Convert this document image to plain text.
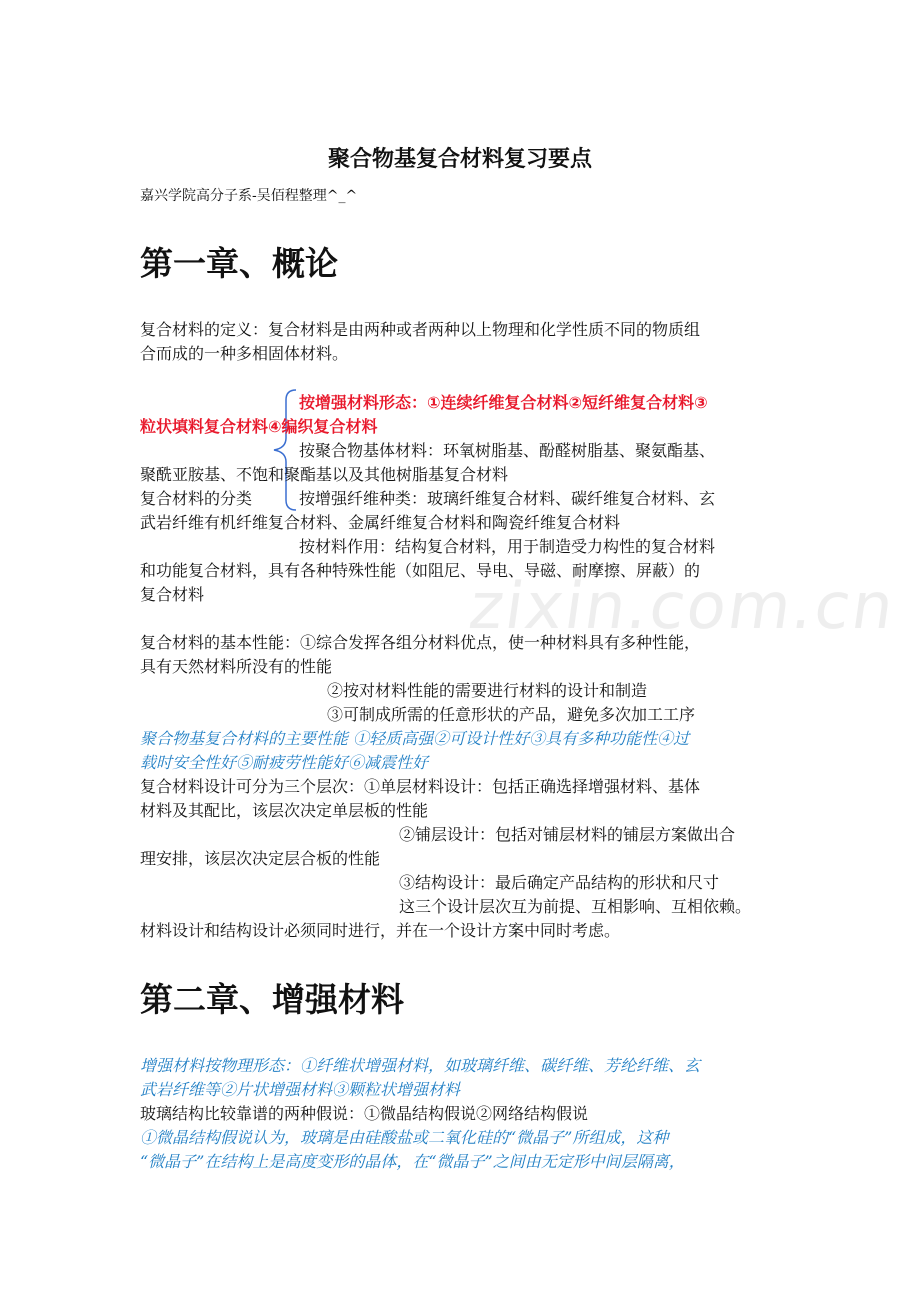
zixin.com.cn
聚合物基复合材料复习要点
嘉兴学院高分子系-吴佰程整理^_^
第一章、概论
复合材料的定义：复合材料是由两种或者两种以上物理和化学性质不同的物质组
合而成的一种多相固体材料。
按增强材料形态：①连续纤维复合材料②短纤维复合材料③
粒状填料复合材料④编织复合材料
按聚合物基体材料：环氧树脂基、酚醛树脂基、聚氨酯基、
聚酰亚胺基、不饱和聚酯基以及其他树脂基复合材料
复合材料的分类	按增强纤维种类：玻璃纤维复合材料、碳纤维复合材料、玄
武岩纤维有机纤维复合材料、金属纤维复合材料和陶瓷纤维复合材料
按材料作用：结构复合材料，用于制造受力构性的复合材料
和功能复合材料，具有各种特殊性能（如阻尼、导电、导磁、耐摩擦、屏蔽）的
复合材料
复合材料的基本性能：①综合发挥各组分材料优点，使一种材料具有多种性能，
具有天然材料所没有的性能
②按对材料性能的需要进行材料的设计和制造
③可制成所需的任意形状的产品，避免多次加工工序
聚合物基复合材料的主要性能 ①轻质高强②可设计性好③具有多种功能性④过
载时安全性好⑤耐疲劳性能好⑥减震性好
复合材料设计可分为三个层次：①单层材料设计：包括正确选择增强材料、基体
材料及其配比，该层次决定单层板的性能
②铺层设计：包括对铺层材料的铺层方案做出合
理安排，该层次决定层合板的性能
③结构设计：最后确定产品结构的形状和尺寸
这三个设计层次互为前提、互相影响、互相依赖。
材料设计和结构设计必须同时进行，并在一个设计方案中同时考虑。
第二章、增强材料
增强材料按物理形态：①纤维状增强材料，如玻璃纤维、碳纤维、芳纶纤维、玄
武岩纤维等②片状增强材料③颗粒状增强材料
玻璃结构比较靠谱的两种假说：①微晶结构假说②网络结构假说
①微晶结构假说认为，玻璃是由硅酸盐或二氧化硅的“微晶子”所组成，这种
“微晶子”在结构上是高度变形的晶体，在“微晶子”之间由无定形中间层隔离，
